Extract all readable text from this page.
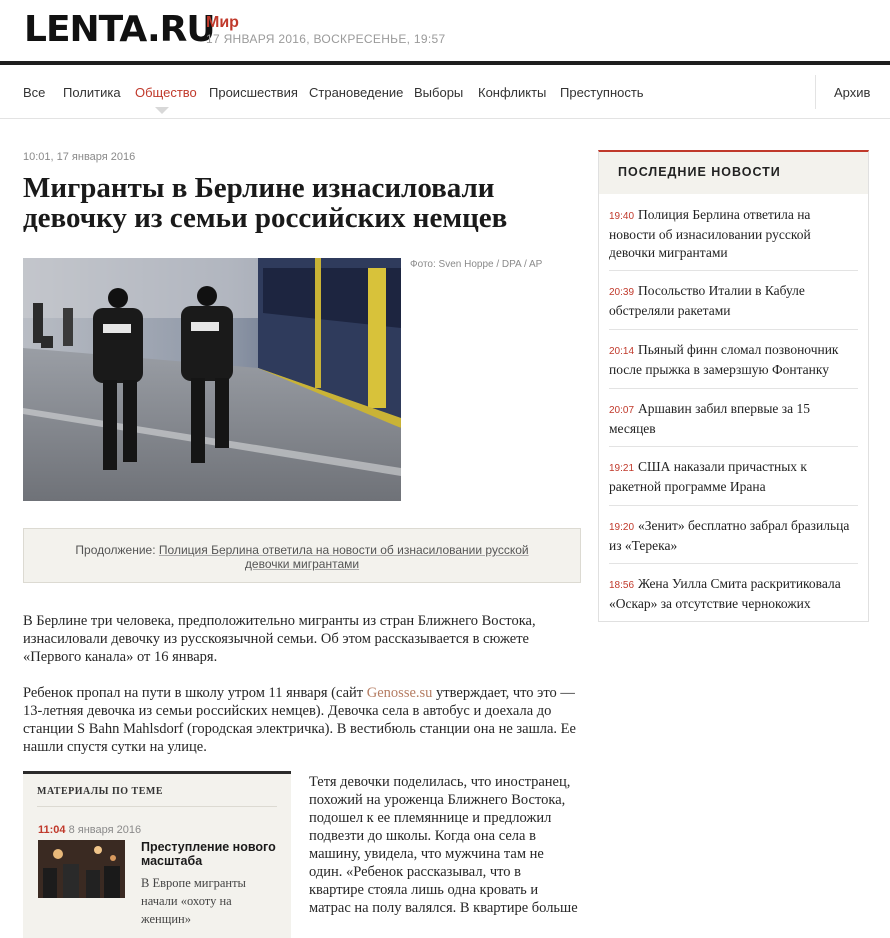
LENTA.RU
Мир
17 ЯНВАРЯ 2016, ВОСКРЕСЕНЬЕ, 19:57
Все Политика Общество Происшествия Страноведение Выборы Конфликты Преступность	Архив
10:01, 17 января 2016
Мигранты в Берлине изнасиловали девочку из семьи российских немцев
Фото: Sven Hoppe / DPA / AP
Продолжение: Полиция Берлина ответила на новости об изнасиловании русской девочки мигрантами

В Берлине три человека, предположительно мигранты из стран Ближнего Востока, изнасиловали девочку из русскоязычной семьи. Об этом рассказывается в сюжете «Первого канала» от 16 января.

Ребенок пропал на пути в школу утром 11 января (сайт Genosse.su утверждает, что это — 13-летняя девочка из семьи российских немцев). Девочка села в автобус и доехала до станции S Bahn Mahlsdorf (городская электричка). В вестибюль станции она не зашла. Ее нашли спустя сутки на улице.

МАТЕРИАЛЫ ПО ТЕМЕ
11:04 8 января 2016
Преступление нового масштаба
В Европе мигранты начали «охоту на женщин»

Тетя девочки поделилась, что иностранец, похожий на уроженца Ближнего Востока, подошел к ее племяннице и предложил подвезти до школы. Когда она села в машину, увидела, что мужчина там не один. «Ребенок рассказывал, что в квартире стояла лишь одна кровать и матрас на полу валялся. В квартире больше

ПОСЛЕДНИЕ НОВОСТИ
19:40 Полиция Берлина ответила на новости об изнасиловании русской девочки мигрантами
20:39 Посольство Италии в Кабуле обстреляли ракетами
20:14 Пьяный финн сломал позвоночник после прыжка в замерзшую Фонтанку
20:07 Аршавин забил впервые за 15 месяцев
19:21 США наказали причастных к ракетной программе Ирана
19:20 «Зенит» бесплатно забрал бразильца из «Терека»
18:56 Жена Уилла Смита раскритиковала «Оскар» за отсутствие чернокожих
